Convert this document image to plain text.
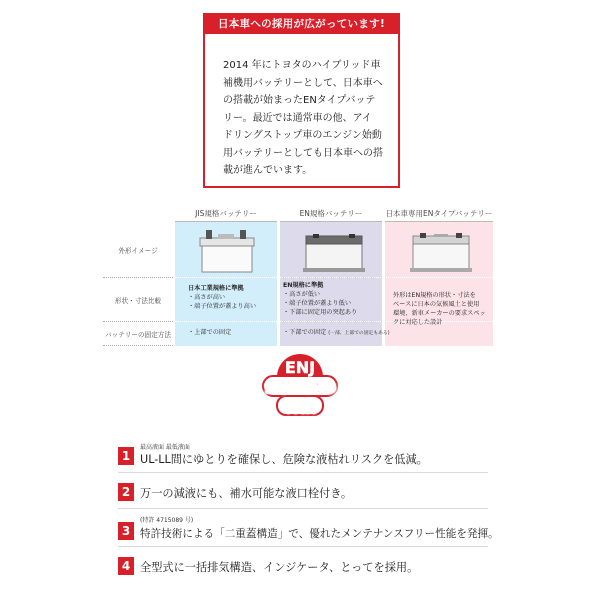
日本車への採用が広がっています!
2014 年にトヨタのハイブリッド車
補機用バッテリーとして、日本車へ
の搭載が始まったENタイプバッテ
リー。最近では通常車の他、アイ
ドリングストップ車のエンジン始動
用バッテリーとしても日本車への搭
載が進んでいます。
JIS規格バッテリー	EN規格バッテリー	日本車専用ENタイプバッテリー
外形イメージ
形状・寸法比較
バッテリーの固定方法
日本工業規格に準拠
・高さが高い
・端子位置が蓋より高い
・上部での固定
EN規格に準拠
・高さが低い
・端子位置が蓋より低い
・下部に固定用の突起あり
・下部での固定 (一部、上部での固定もある)
外形はEN規格の形状・寸法を
ベースに日本の気候風土と使用
環境、新車メーカーの要求スペッ
クに対応した設計
ENJ
シリーズの
特徴
1
最高液面 最低液面
UL-LL間にゆとりを確保し、危険な液枯れリスクを低減。
2 万一の減液にも、補水可能な液口栓付き。
3
(特許 4715089 号)
特許技術による「二重蓋構造」で、優れたメンテナンスフリー性能を発揮。
4 全型式に一括排気構造、インジケータ、とってを採用。
